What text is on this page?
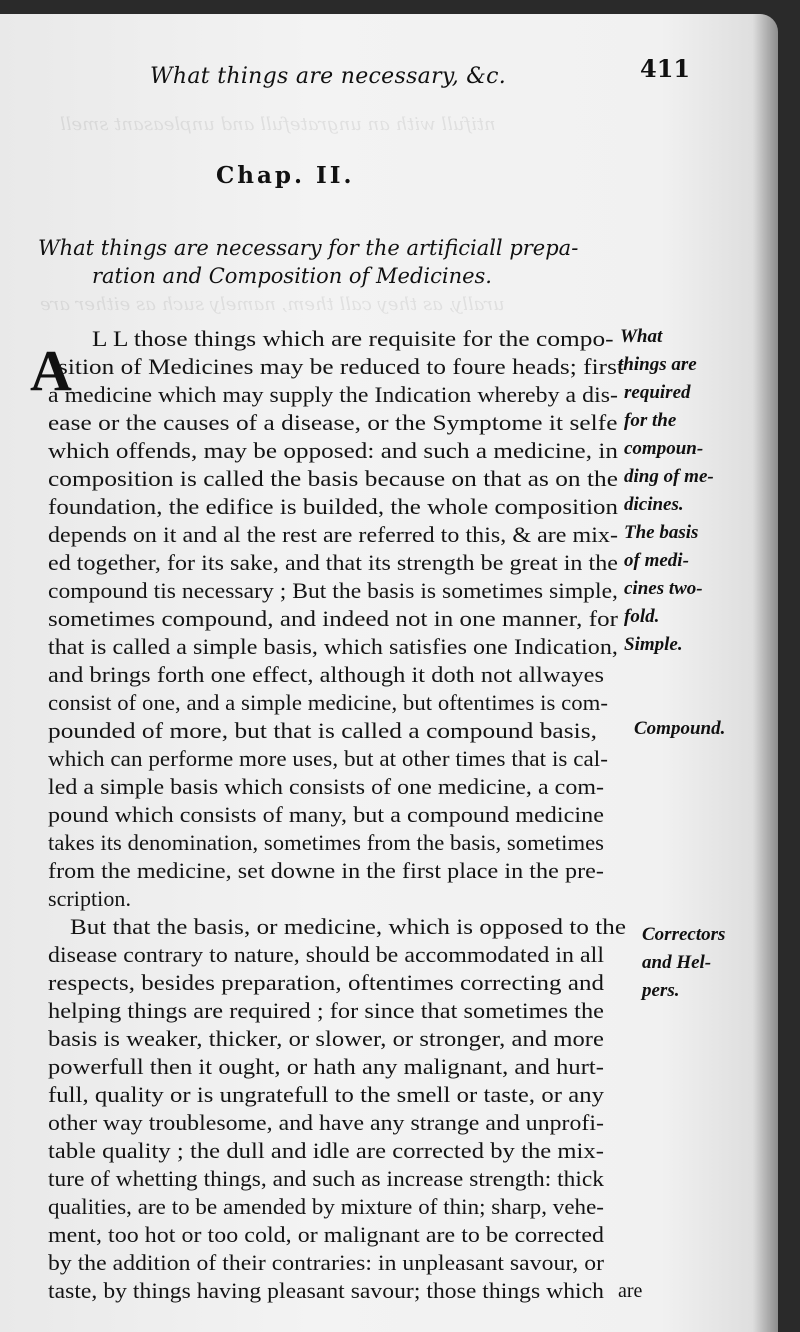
ntifull with an ungratefull and unpleasant smell
urally, as they call them, namely such as either are
What things are necessary, &c.	411
Chap. II.
What things are necessary for the artificiall prepa-
ration and Composition of Medicines.
A L L those things which are requisite for the compo-
sition of Medicines may be reduced to foure heads; first
a medicine which may supply the Indication whereby a dis-
ease or the causes of a disease, or the Symptome it selfe
which offends, may be opposed: and such a medicine, in
composition is called the basis because on that as on the
foundation, the edifice is builded, the whole composition
depends on it and al the rest are referred to this, & are mix-
ed together, for its sake, and that its strength be great in the
compound tis necessary ; But the basis is sometimes simple,
sometimes compound, and indeed not in one manner, for
that is called a simple basis, which satisfies one Indication,
and brings forth one effect, although it doth not allwayes
consist of one, and a simple medicine, but oftentimes is com-
pounded of more, but that is called a compound basis,
which can performe more uses, but at other times that is cal-
led a simple basis which consists of one medicine, a com-
pound which consists of many, but a compound medicine
takes its denomination, sometimes from the basis, sometimes
from the medicine, set downe in the first place in the pre-
scription.
But that the basis, or medicine, which is opposed to the
disease contrary to nature, should be accommodated in all
respects, besides preparation, oftentimes correcting and
helping things are required ; for since that sometimes the
basis is weaker, thicker, or slower, or stronger, and more
powerfull then it ought, or hath any malignant, and hurt-
full, quality or is ungratefull to the smell or taste, or any
other way troublesome, and have any strange and unprofi-
table quality ; the dull and idle are corrected by the mix-
ture of whetting things, and such as increase strength: thick
qualities, are to be amended by mixture of thin; sharp, vehe-
ment, too hot or too cold, or malignant are to be corrected
by the addition of their contraries: in unpleasant savour, or
taste, by things having pleasant savour; those things which
What
things are
required
for the
compoun-
ding of me-
dicines.
The basis
of medi-
cines two-
fold.
Simple.
Compound.
Correctors
and Hel-
pers.
are
